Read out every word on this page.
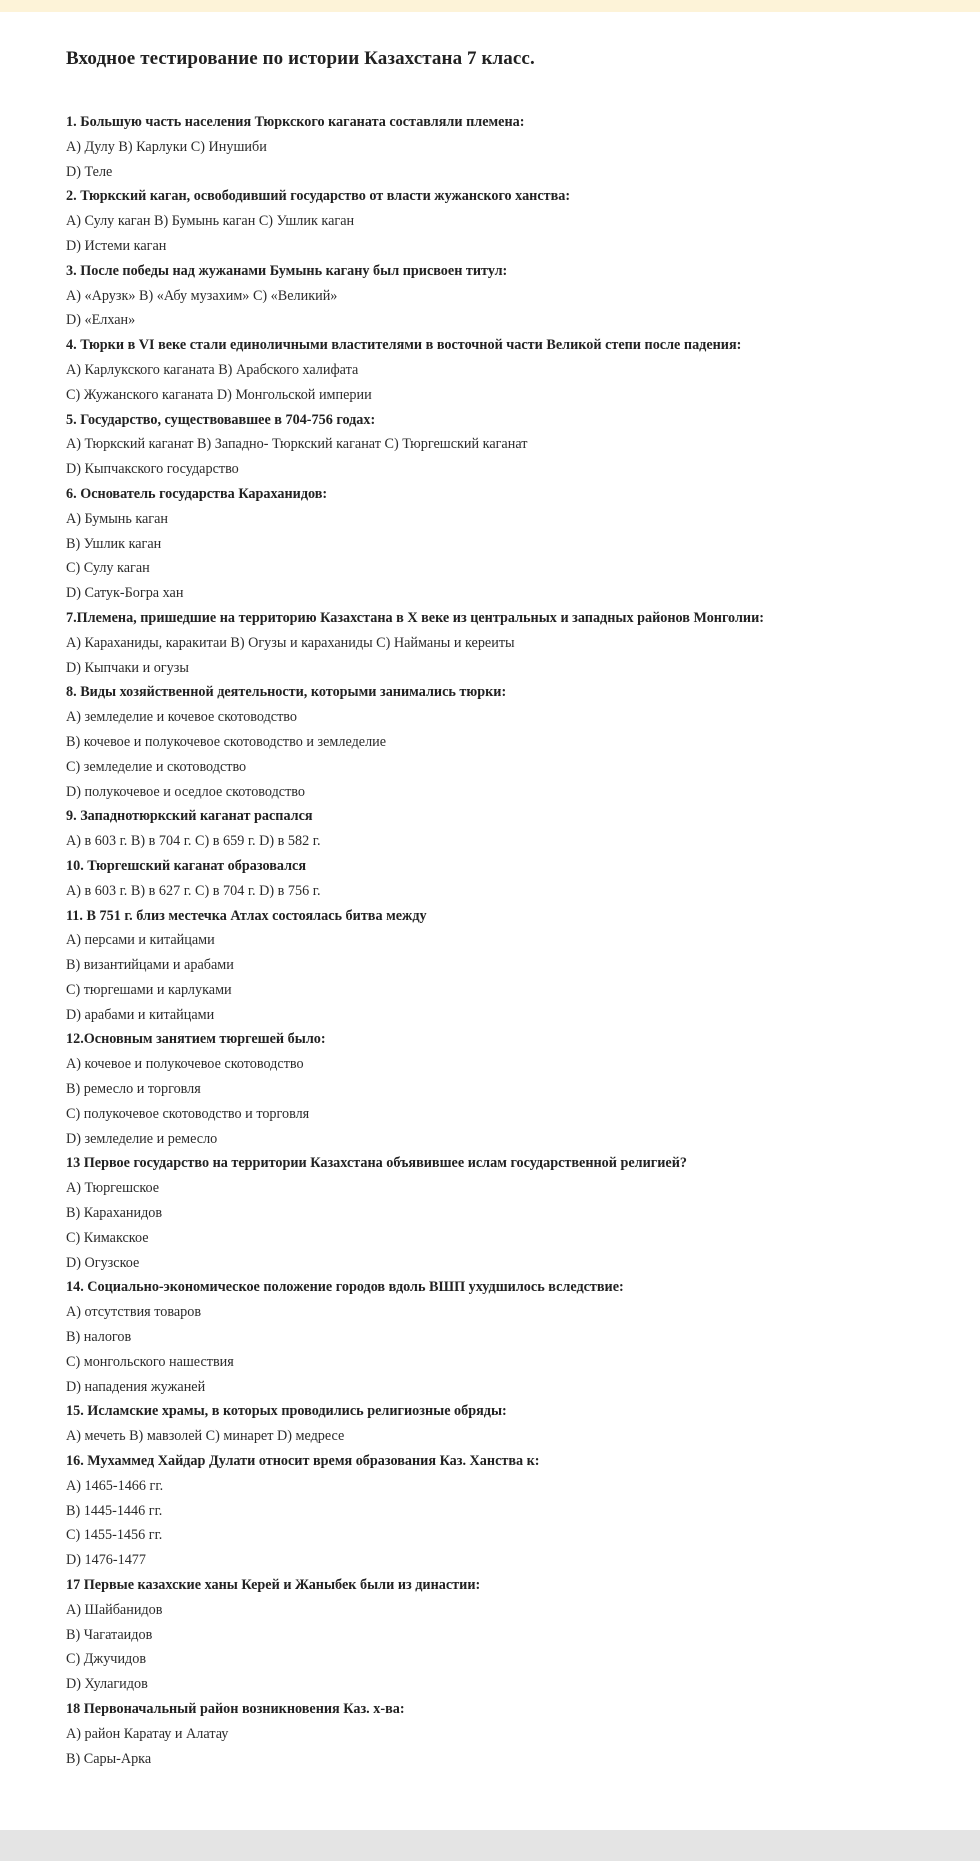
Входное тестирование по истории Казахстана 7 класс.
1. Большую часть населения Тюркского каганата составляли племена:
А) Дулу В) Карлуки С) Инушиби
D) Теле
2. Тюркский каган, освободивший государство от власти жужанского ханства:
А) Сулу каган В) Бумынь каган С) Ушлик каган
D) Истеми каган
3. После победы над жужанами Бумынь кагану был присвоен титул:
А) «Арузк» В) «Абу музахим» С) «Великий»
D) «Елхан»
4. Тюрки в VI веке стали единоличными властителями в восточной части Великой степи после падения:
А) Карлукского каганата В) Арабского халифата
С) Жужанского каганата D) Монгольской империи
5. Государство, существовавшее в 704-756 годах:
А) Тюркский каганат В) Западно- Тюркский каганат С) Тюргешский каганат
D) Кыпчакского государство
6. Основатель государства Караханидов:
А) Бумынь каган
В) Ушлик каган
С) Сулу каган
D) Сатук-Богра хан
7.Племена, пришедшие на территорию Казахстана в X веке из центральных и западных районов Монголии:
А) Караханиды, каракитаи В) Огузы и караханиды С) Найманы и кереиты
D) Кыпчаки и огузы
8. Виды хозяйственной деятельности, которыми занимались тюрки:
А) земледелие и кочевое скотоводство
В) кочевое и полукочевое скотоводство и земледелие
С) земледелие и скотоводство
D) полукочевое и оседлое скотоводство
9. Западнотюркский каганат распался
А) в 603 г. В) в 704 г. С) в 659 г. D) в 582 г.
10. Тюргешский каганат образовался
А) в 603 г. В) в 627 г. С) в 704 г. D) в 756 г.
11. В 751 г. близ местечка Атлах состоялась битва между
А) персами и китайцами
В) византийцами и арабами
С) тюргешами и карлуками
D) арабами и китайцами
12.Основным занятием тюргешей было:
А) кочевое и полукочевое скотоводство
В) ремесло и торговля
С) полукочевое скотоводство и торговля
D) земледелие и ремесло
13 Первое государство на территории Казахстана объявившее ислам государственной религией?
А) Тюргешское
В) Караханидов
С) Кимакское
D) Огузское
14. Социально-экономическое положение городов вдоль ВШП ухудшилось вследствие:
А) отсутствия товаров
В) налогов
С) монгольского нашествия
D) нападения жужаней
15. Исламские храмы, в которых проводились религиозные обряды:
А) мечеть В) мавзолей С) минарет D) медресе
16. Мухаммед Хайдар Дулати относит время образования Каз. Ханства к:
А) 1465-1466 гг.
В) 1445-1446 гг.
С) 1455-1456 гг.
D) 1476-1477
17 Первые казахские ханы Керей и Жаныбек были из династии:
А) Шайбанидов
В) Чагатаидов
С) Джучидов
D) Хулагидов
18 Первоначальный район возникновения Каз. х-ва:
А) район Каратау и Алатау
В) Сары-Арка
